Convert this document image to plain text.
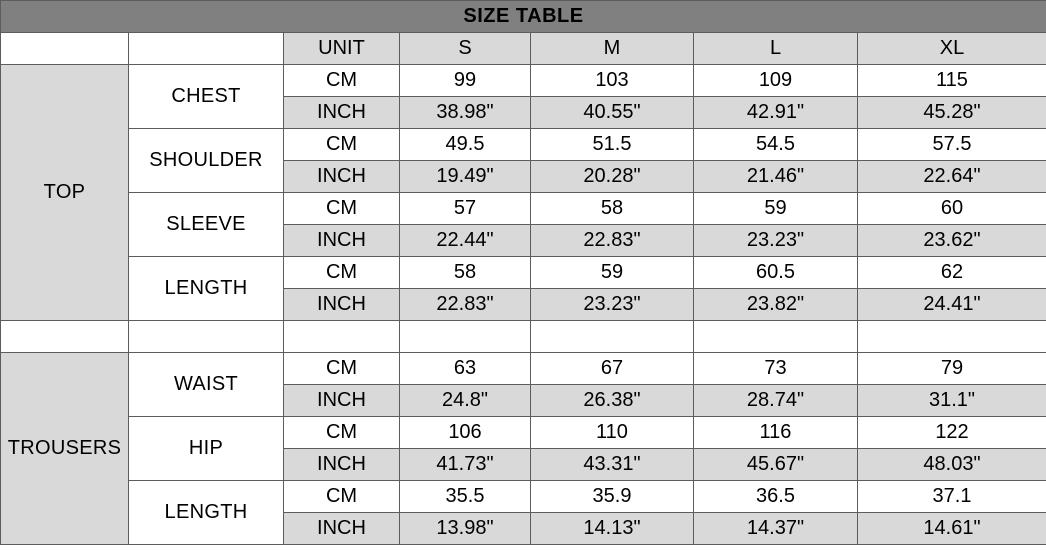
SIZE TABLE						
		UNIT	S	M	L	XL
TOP	CHEST	CM	99	103	109	115
		INCH	38.98"	40.55"	42.91"	45.28"
	SHOULDER	CM	49.5	51.5	54.5	57.5
		INCH	19.49"	20.28"	21.46"	22.64"
	SLEEVE	CM	57	58	59	60
		INCH	22.44"	22.83"	23.23"	23.62"
	LENGTH	CM	58	59	60.5	62
		INCH	22.83"	23.23"	23.82"	24.41"

TROUSERS	WAIST	CM	63	67	73	79
		INCH	24.8"	26.38"	28.74"	31.1"
	HIP	CM	106	110	116	122
		INCH	41.73"	43.31"	45.67"	48.03"
	LENGTH	CM	35.5	35.9	36.5	37.1
		INCH	13.98"	14.13"	14.37"	14.61"
